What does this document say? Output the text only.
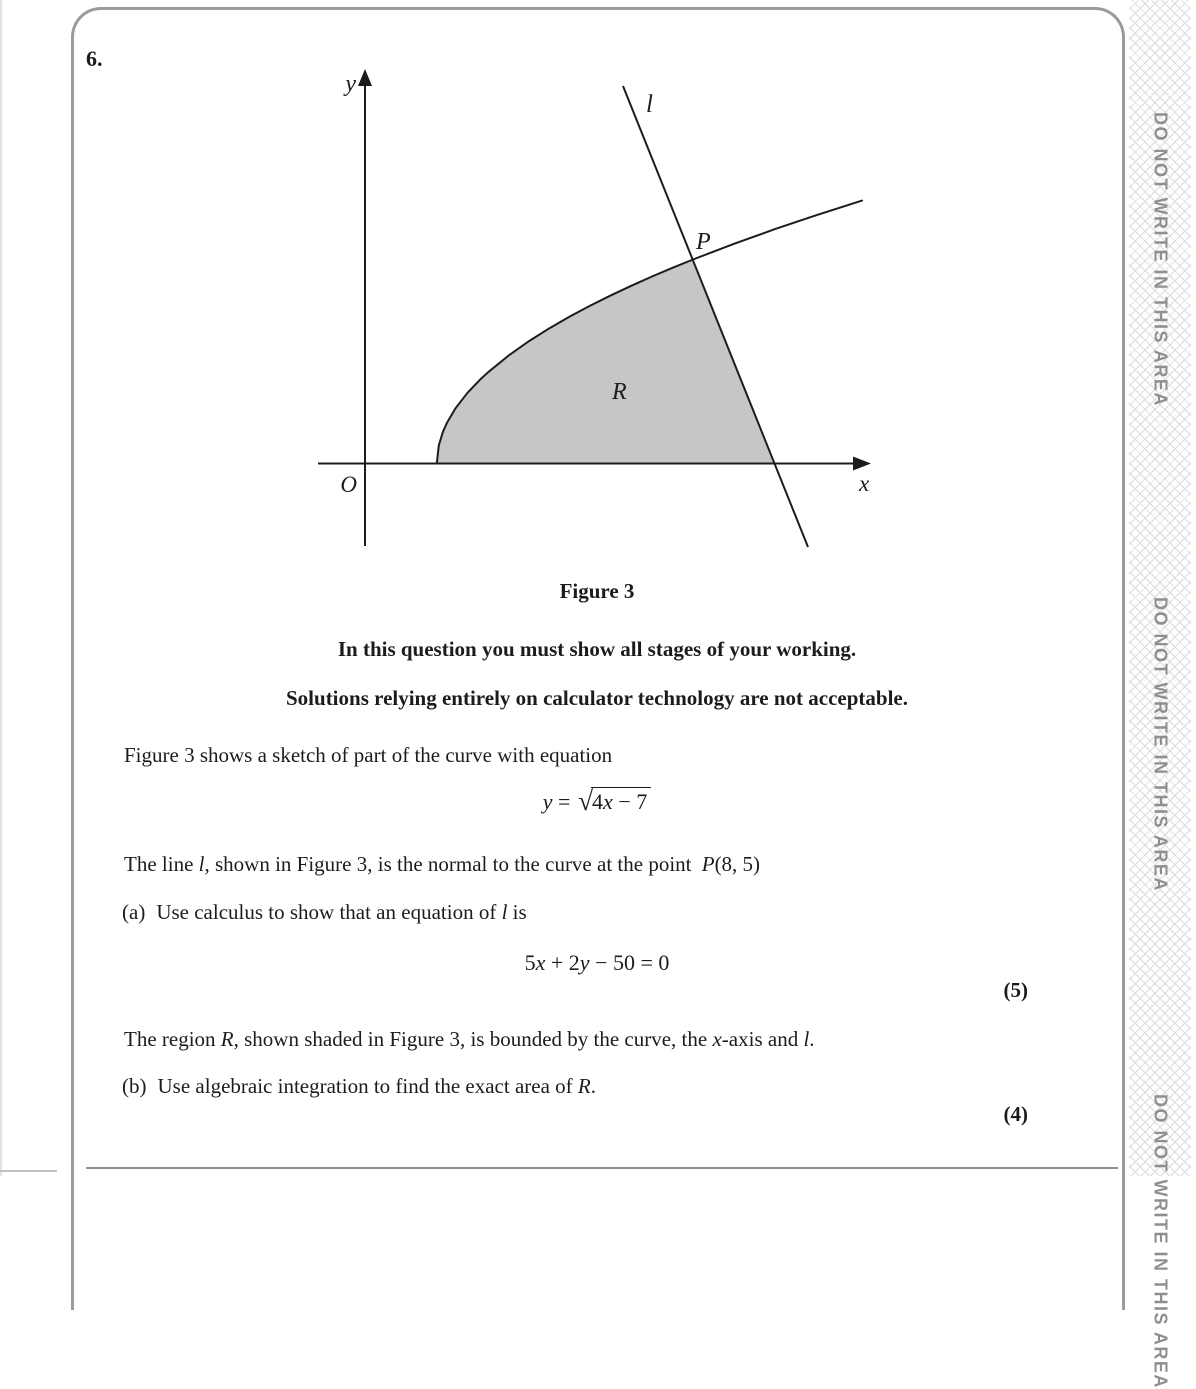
6.
y
x
O
l
P
R
Figure 3
In this question you must show all stages of your working.
Solutions relying entirely on calculator technology are not acceptable.
Figure 3 shows a sketch of part of the curve with equation
y = √4x − 7
The line l, shown in Figure 3, is the normal to the curve at the point P(8, 5)
(a) Use calculus to show that an equation of l is
5x + 2y − 50 = 0
(5)
The region R, shown shaded in Figure 3, is bounded by the curve, the x-axis and l.
(b) Use algebraic integration to find the exact area of R.
(4)
DO NOT WRITE IN THIS AREA
DO NOT WRITE IN THIS AREA
DO NOT WRITE IN THIS AREA
